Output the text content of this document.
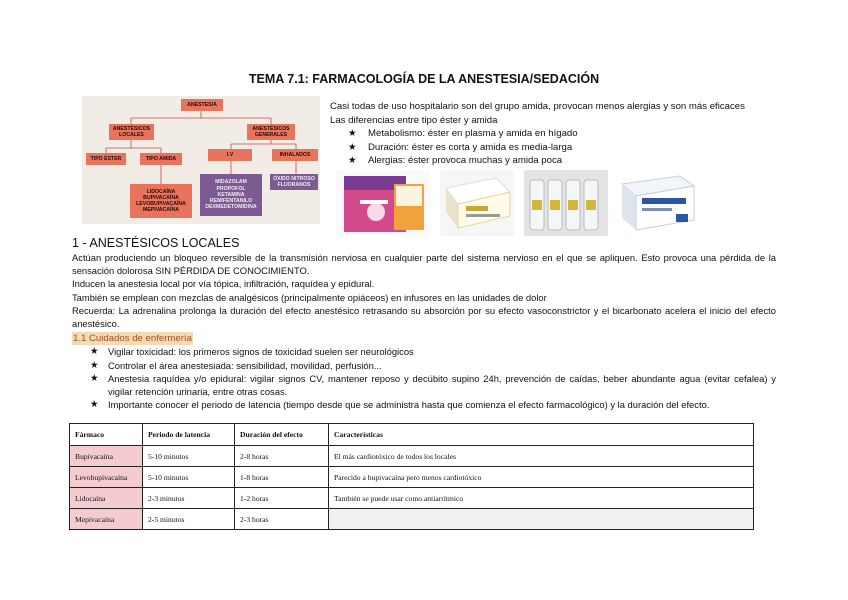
TEMA 7.1: FARMACOLOGÍA DE LA ANESTESIA/SEDACIÓN
ANESTESIA
ANESTÉSICOS LOCALES
ANESTÉSICOS GENERALES
TIPO ÉSTER	TIPO AMIDA
I.V	INHALADOS
LIDOCAÍNA
BUPIVACAÍNA
LEVOBUPIVACAÍNA
MEPIVACAÍNA
MIDAZOLAM
PROPOFOL
KETAMINA
REMIFENTANILO
DEXMEDETOMIDINA
ÓXIDO NITROSO
FLUORANOS

Casi todas de uso hospitalario son del grupo amida, provocan menos alergias y son más eficaces

Las diferencias entre tipo éster y amida

★ Metabolismo: éster en plasma y amida en hígado

★ Duración: éster es corta y amida es media-larga

★ Alergias: éster provoca muchas y amida poca

1 - ANESTÉSICOS LOCALES

Actúan produciendo un bloqueo reversible de la transmisión nerviosa en cualquier parte del sistema nervioso en el que se apliquen. Esto provoca una pérdida de la sensación dolorosa SIN PÉRDIDA DE CONOCIMIENTO.

Inducen la anestesia local por vía tópica, infiltración, raquídea y epidural.

También se emplean con mezclas de analgésicos (principalmente opiáceos) en infusores en las unidades de dolor

Recuerda: La adrenalina prolonga la duración del efecto anestésico retrasando su absorción por su efecto vasoconstrictor y el bicarbonato acelera el inicio del efecto anestésico.

1.1 Cuidados de enfermería

★ Vigilar toxicidad: los primeros signos de toxicidad suelen ser neurológicos

★ Controlar el área anestesiada: sensibilidad, movilidad, perfusión...

★ Anestesia raquídea y/o epidural: vigilar signos CV, mantener reposo y decúbito supino 24h, prevención de caídas, beber abundante agua (evitar cefalea) y vigilar retención urinaria, entre otras cosas.

★ Importante conocer el periodo de latencia (tiempo desde que se administra hasta que comienza el efecto farmacológico) y la duración del efecto.

Fármaco	Periodo de latencia	Duración del efecto	Características
Bupivacaína	5-10 minutos	2-8 horas	El más cardiotóxico de todos los locales
Levobupivacaína	5-10 minutos	1-8 horas	Parecido a bupivacaína pero menos cardiotóxico
Lidocaína	2-3 minutos	1-2 horas	También se puede usar como antiarrítmico
Mepivacaína	2-5 minutos	2-3 horas	
